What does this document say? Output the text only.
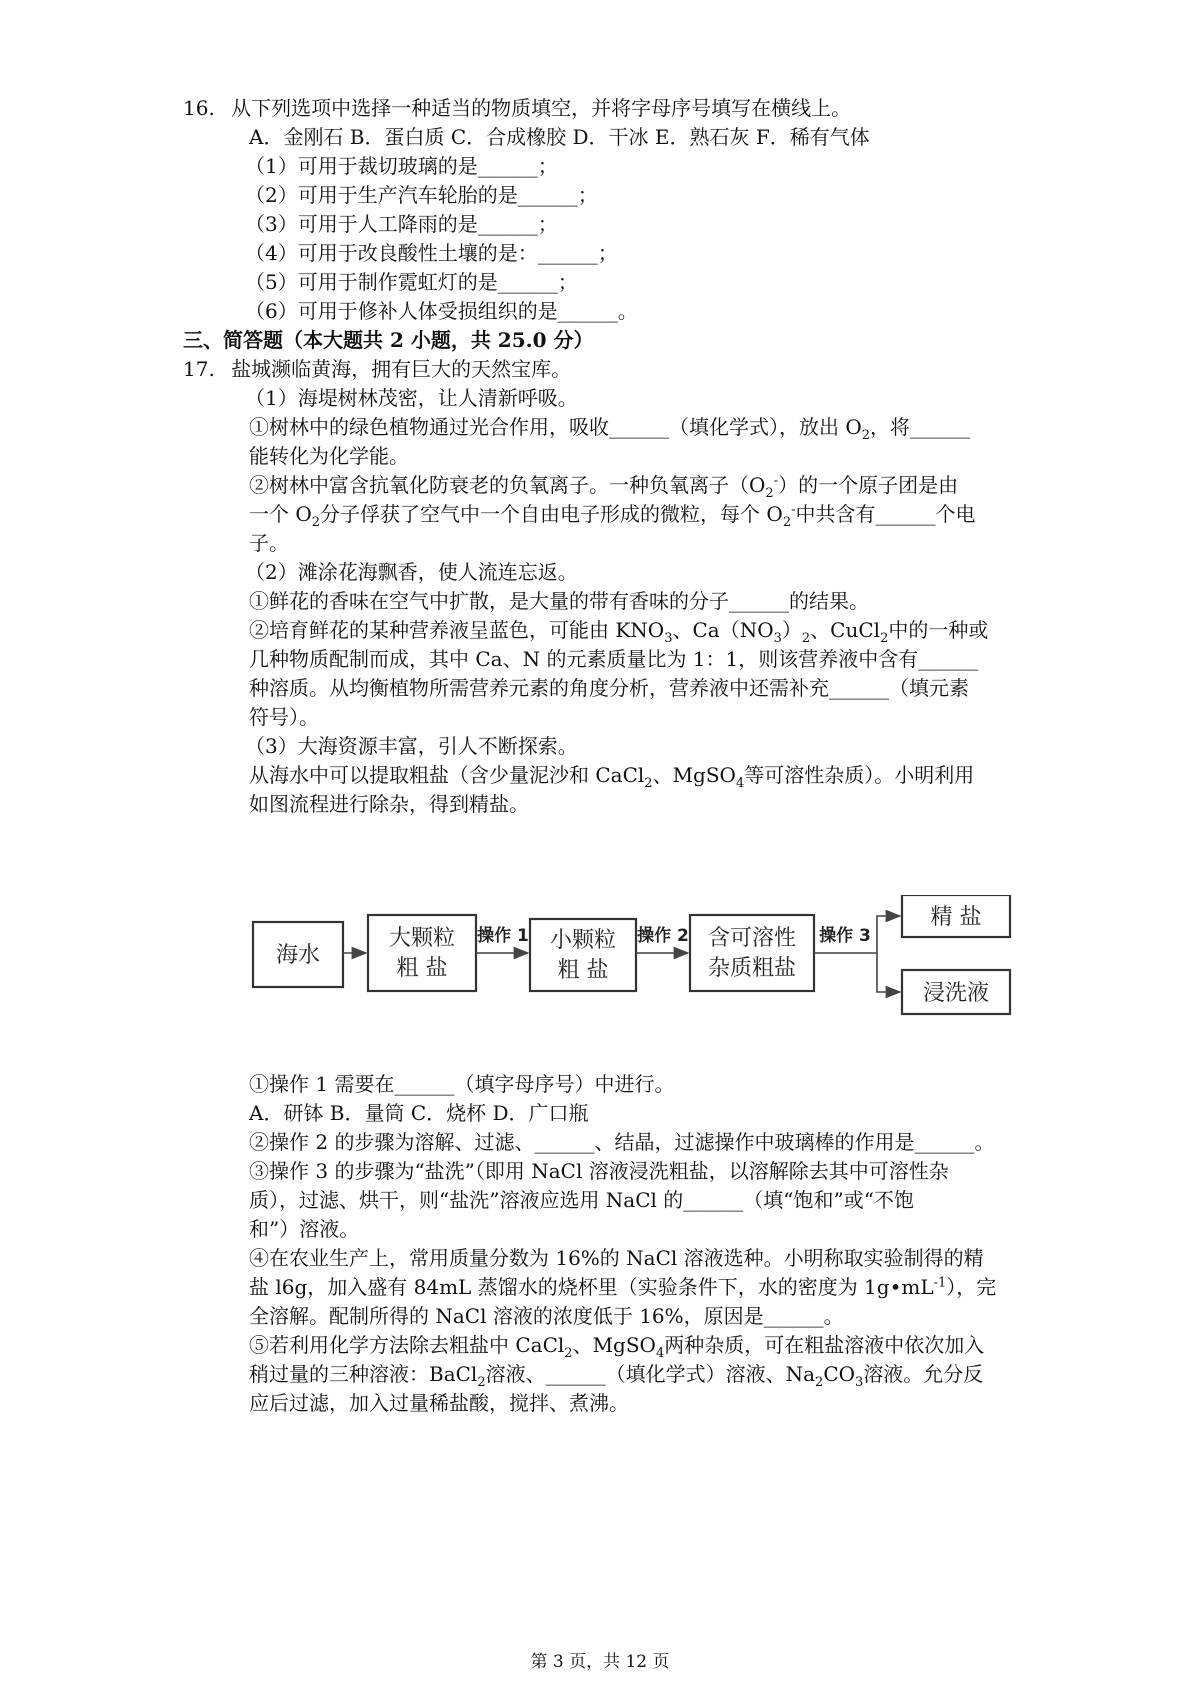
16. 从下列选项中选择一种适当的物质填空，并将字母序号填写在横线上。
A．金刚石 B．蛋白质 C．合成橡胶 D．干冰 E．熟石灰 F．稀有气体
（1）可用于裁切玻璃的是______；
（2）可用于生产汽车轮胎的是______；
（3）可用于人工降雨的是______；
（4）可用于改良酸性土壤的是：______；
（5）可用于制作霓虹灯的是______；
（6）可用于修补人体受损组织的是______。
三、简答题（本大题共 2 小题，共 25.0 分）
17. 盐城濒临黄海，拥有巨大的天然宝库。
（1）海堤树林茂密，让人清新呼吸。
①树林中的绿色植物通过光合作用，吸收______（填化学式），放出 $O_2$，将______
能转化为化学能。
②树林中富含抗氧化防衰老的负氧离子。一种负氧离子$(O_2^-)$的一个原子团是由
一个 $O_2$分子俘获了空气中一个自由电子形成的微粒，每个 $O_2^-$中共含有______个电
子。
（2）滩涂花海飘香，使人流连忘返。
①鲜花的香味在空气中扩散，是大量的带有香味的分子______的结果。
②培育鲜花的某种营养液呈蓝色，可能由 $KNO_3$、$Ca(NO_3)_2$、CuCl$_2$中的一种或
几种物质配制而成，其中 Ca、N 的元素质量比为 1：1，则该营养液中含有______
种溶质。从均衡植物所需营养元素的角度分析，营养液中还需补充______（填元素
符号）。
（3）大海资源丰富，引人不断探索。
从海水中可以提取粗盐（含少量泥沙和 CaCl$_2$、MgSO$_4$等可溶性杂质）。小明利用
如图流程进行除杂，得到精盐。
海水
大颗粒
粗 盐
小颗粒
粗 盐
含可溶性
杂质粗盐
精 盐
浸洗液
操作 1	操作 2	操作 3
①操作 1 需要在______（填字母序号）中进行。
A．研钵 B．量筒 C．烧杯 D．广口瓶
②操作 2 的步骤为溶解、过滤、______、结晶，过滤操作中玻璃棒的作用是______。
③操作 3 的步骤为“盐洗”（即用 NaCl 溶液浸洗粗盐，以溶解除去其中可溶性杂
质），过滤、烘干，则“盐洗”溶液应选用 NaCl 的______（填“饱和”或“不饱
和”）溶液。
④在农业生产上，常用质量分数为 16%的 NaCl 溶液选种。小明称取实验制得的精
盐 l6g，加入盛有 84mL 蒸馏水的烧杯里（实验条件下，水的密度为 $1g•mL^{-1}$），完
全溶解。配制所得的 NaCl 溶液的浓度低于 16%，原因是______。
⑤若利用化学方法除去粗盐中 CaCl$_2$、MgSO$_4$两种杂质，可在粗盐溶液中依次加入
稍过量的三种溶液：BaCl$_2$溶液、______（填化学式）溶液、$Na_2CO_3$溶液。允分反
应后过滤，加入过量稀盐酸，搅拌、煮沸。
第 3 页，共 12 页
